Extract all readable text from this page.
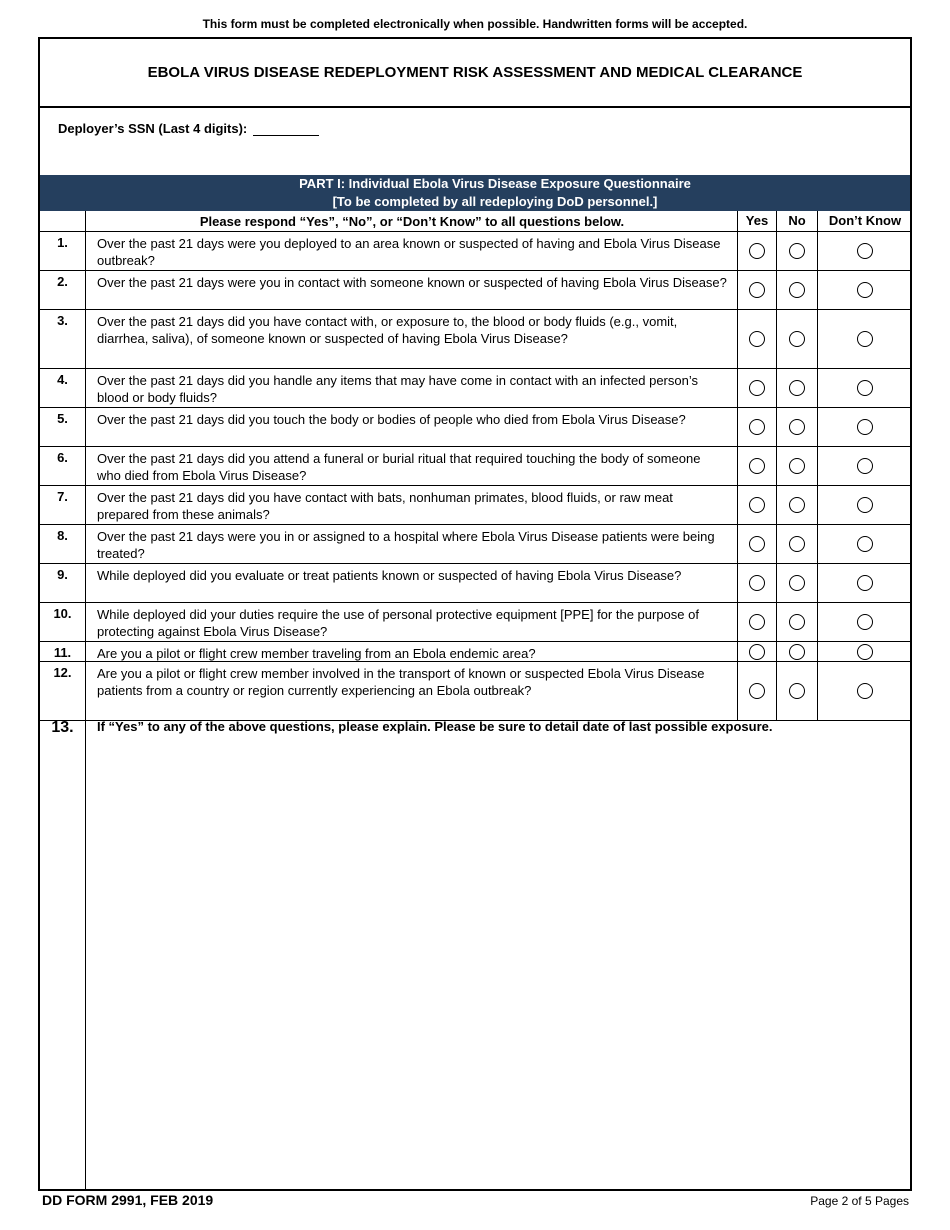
This form must be completed electronically when possible. Handwritten forms will be accepted.
EBOLA VIRUS DISEASE REDEPLOYMENT RISK ASSESSMENT AND MEDICAL CLEARANCE
Deployer’s SSN (Last 4 digits):
PART I: Individual Ebola Virus Disease Exposure Questionnaire
[To be completed by all redeploying DoD personnel.]
Please respond “Yes”, “No”, or “Don’t Know” to all questions below.	Yes	No	Don’t Know
1.	Over the past 21 days were you deployed to an area known or suspected of having and Ebola Virus Disease outbreak?
2.	Over the past 21 days were you in contact with someone known or suspected of having Ebola Virus Disease?
3.	Over the past 21 days did you have contact with, or exposure to, the blood or body fluids (e.g., vomit, diarrhea, saliva), of someone known or suspected of having Ebola Virus Disease?
4.	Over the past 21 days did you handle any items that may have come in contact with an infected person’s blood or body fluids?
5.	Over the past 21 days did you touch the body or bodies of people who died from Ebola Virus Disease?
6.	Over the past 21 days did you attend a funeral or burial ritual that required touching the body of someone who died from Ebola Virus Disease?
7.	Over the past 21 days did you have contact with bats, nonhuman primates, blood fluids, or raw meat prepared from these animals?
8.	Over the past 21 days were you in or assigned to a hospital where Ebola Virus Disease patients were being treated?
9.	While deployed did you evaluate or treat patients known or suspected of having Ebola Virus Disease?
10.	While deployed did your duties require the use of personal protective equipment [PPE] for the purpose of protecting against Ebola Virus Disease?
11.	Are you a pilot or flight crew member traveling from an Ebola endemic area?
12.	Are you a pilot or flight crew member involved in the transport of known or suspected Ebola Virus Disease patients from a country or region currently experiencing an Ebola outbreak?
13.	If “Yes” to any of the above questions, please explain. Please be sure to detail date of last possible exposure.
DD FORM 2991, FEB 2019	Page 2 of 5 Pages
